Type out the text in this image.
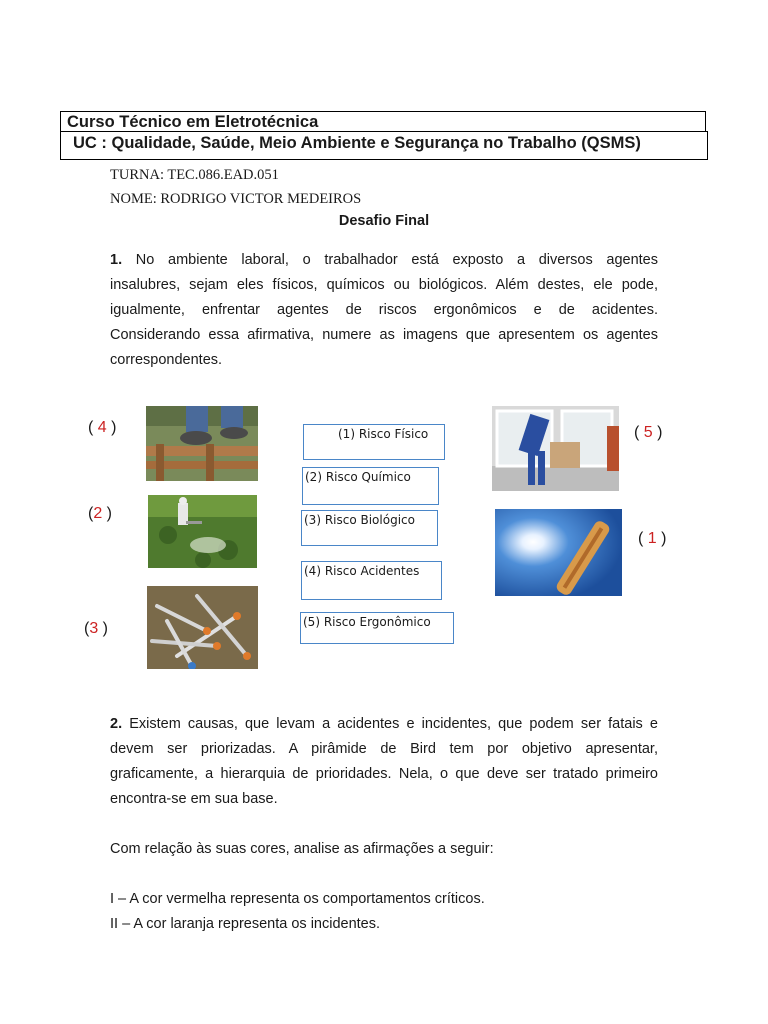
Curso Técnico em Eletrotécnica
UC : Qualidade, Saúde, Meio Ambiente e Segurança no Trabalho (QSMS)
TURNA: TEC.086.EAD.051
NOME: RODRIGO VICTOR MEDEIROS
Desafio Final

1. No ambiente laboral, o trabalhador está exposto a diversos agentes

insalubres, sejam eles físicos, químicos ou biológicos. Além destes, ele pode,

igualmente, enfrentar agentes de riscos ergonômicos e de acidentes.

Considerando essa afirmativa, numere as imagens que apresentem os agentes

correspondentes.

( 4 )
(2 )
(3 )
(1) Risco Físico
(2) Risco Químico
(3) Risco Biológico
(4) Risco Acidentes
(5) Risco Ergonômico
( 5 )
( 1 )

2. Existem causas, que levam a acidentes e incidentes, que podem ser fatais e

devem ser priorizadas. A pirâmide de Bird tem por objetivo apresentar,

graficamente, a hierarquia de prioridades. Nela, o que deve ser tratado primeiro

encontra-se em sua base.

Com relação às suas cores, analise as afirmações a seguir:
I – A cor vermelha representa os comportamentos críticos.
II – A cor laranja representa os incidentes.
